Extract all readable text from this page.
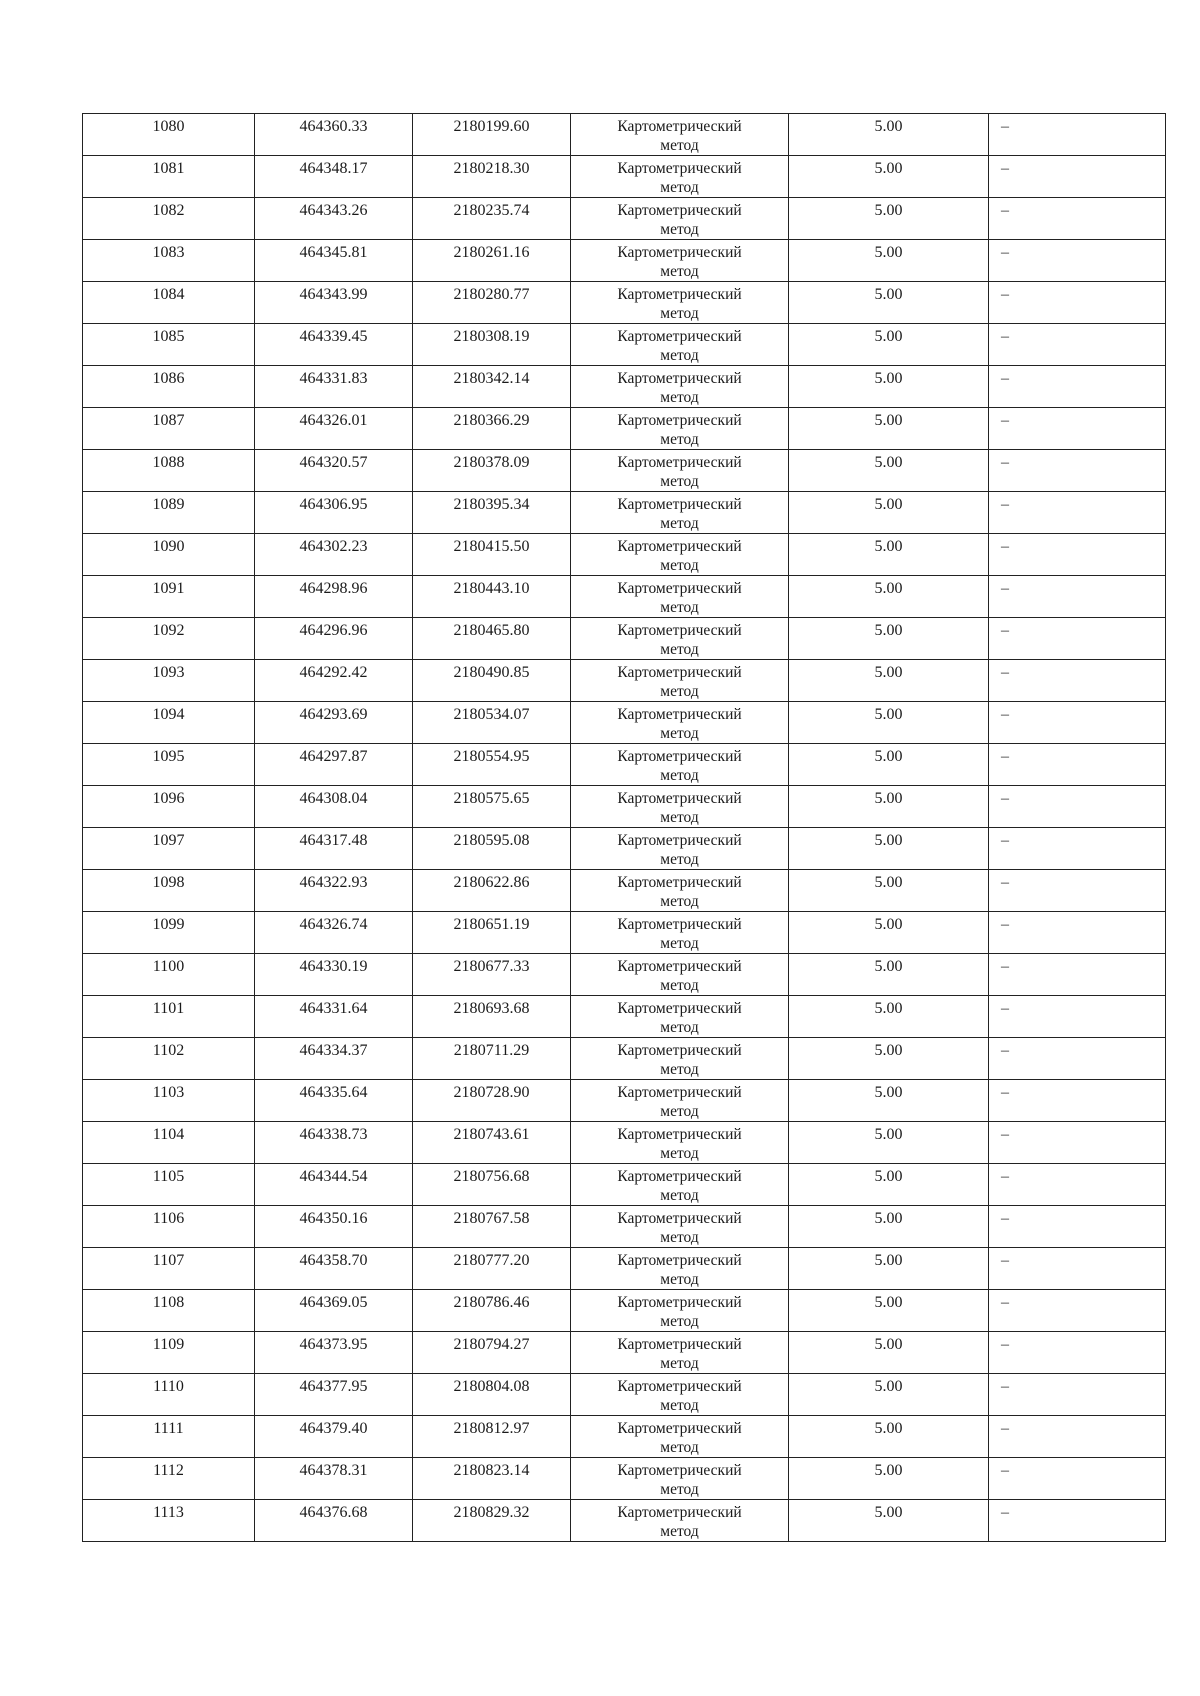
1080	464360.33	2180199.60	Картометрический
метод	5.00	–
1081	464348.17	2180218.30	Картометрический
метод	5.00	–
1082	464343.26	2180235.74	Картометрический
метод	5.00	–
1083	464345.81	2180261.16	Картометрический
метод	5.00	–
1084	464343.99	2180280.77	Картометрический
метод	5.00	–
1085	464339.45	2180308.19	Картометрический
метод	5.00	–
1086	464331.83	2180342.14	Картометрический
метод	5.00	–
1087	464326.01	2180366.29	Картометрический
метод	5.00	–
1088	464320.57	2180378.09	Картометрический
метод	5.00	–
1089	464306.95	2180395.34	Картометрический
метод	5.00	–
1090	464302.23	2180415.50	Картометрический
метод	5.00	–
1091	464298.96	2180443.10	Картометрический
метод	5.00	–
1092	464296.96	2180465.80	Картометрический
метод	5.00	–
1093	464292.42	2180490.85	Картометрический
метод	5.00	–
1094	464293.69	2180534.07	Картометрический
метод	5.00	–
1095	464297.87	2180554.95	Картометрический
метод	5.00	–
1096	464308.04	2180575.65	Картометрический
метод	5.00	–
1097	464317.48	2180595.08	Картометрический
метод	5.00	–
1098	464322.93	2180622.86	Картометрический
метод	5.00	–
1099	464326.74	2180651.19	Картометрический
метод	5.00	–
1100	464330.19	2180677.33	Картометрический
метод	5.00	–
1101	464331.64	2180693.68	Картометрический
метод	5.00	–
1102	464334.37	2180711.29	Картометрический
метод	5.00	–
1103	464335.64	2180728.90	Картометрический
метод	5.00	–
1104	464338.73	2180743.61	Картометрический
метод	5.00	–
1105	464344.54	2180756.68	Картометрический
метод	5.00	–
1106	464350.16	2180767.58	Картометрический
метод	5.00	–
1107	464358.70	2180777.20	Картометрический
метод	5.00	–
1108	464369.05	2180786.46	Картометрический
метод	5.00	–
1109	464373.95	2180794.27	Картометрический
метод	5.00	–
1110	464377.95	2180804.08	Картометрический
метод	5.00	–
1111	464379.40	2180812.97	Картометрический
метод	5.00	–
1112	464378.31	2180823.14	Картометрический
метод	5.00	–
1113	464376.68	2180829.32	Картометрический
метод	5.00	–
